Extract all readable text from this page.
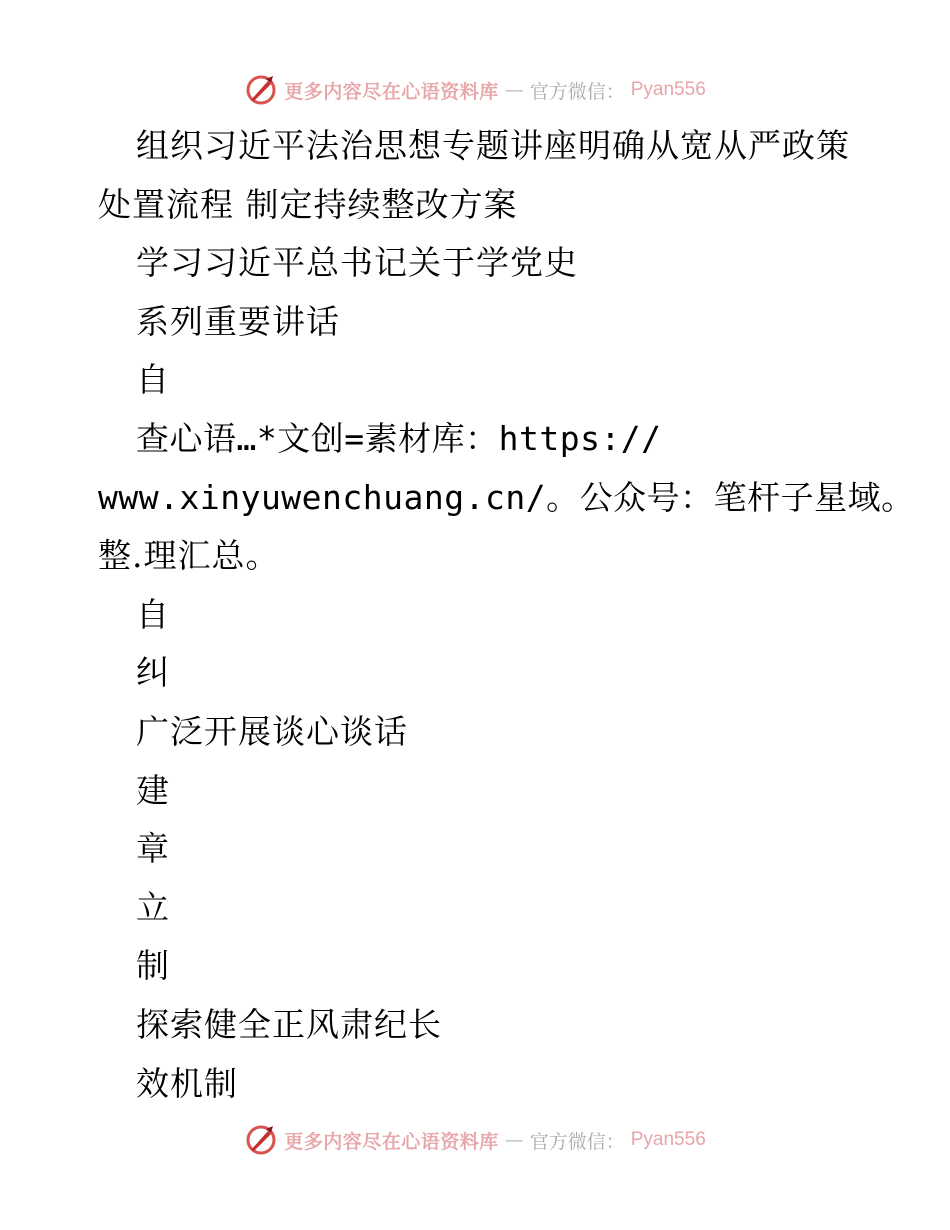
更多内容尽在心语资料库 — 官方微信： Pyan556
组织习近平法治思想专题讲座明确从宽从严政策
处置流程 制定持续整改方案
学习习近平总书记关于学党史
系列重要讲话
自
查心语…*文创=素材库：https://
www.xinyuwenchuang.cn/。公众号：笔杆子星域。
整.理汇总。
自
纠
广泛开展谈心谈话
建
章
立
制
探索健全正风肃纪长
效机制
更多内容尽在心语资料库 — 官方微信： Pyan556
